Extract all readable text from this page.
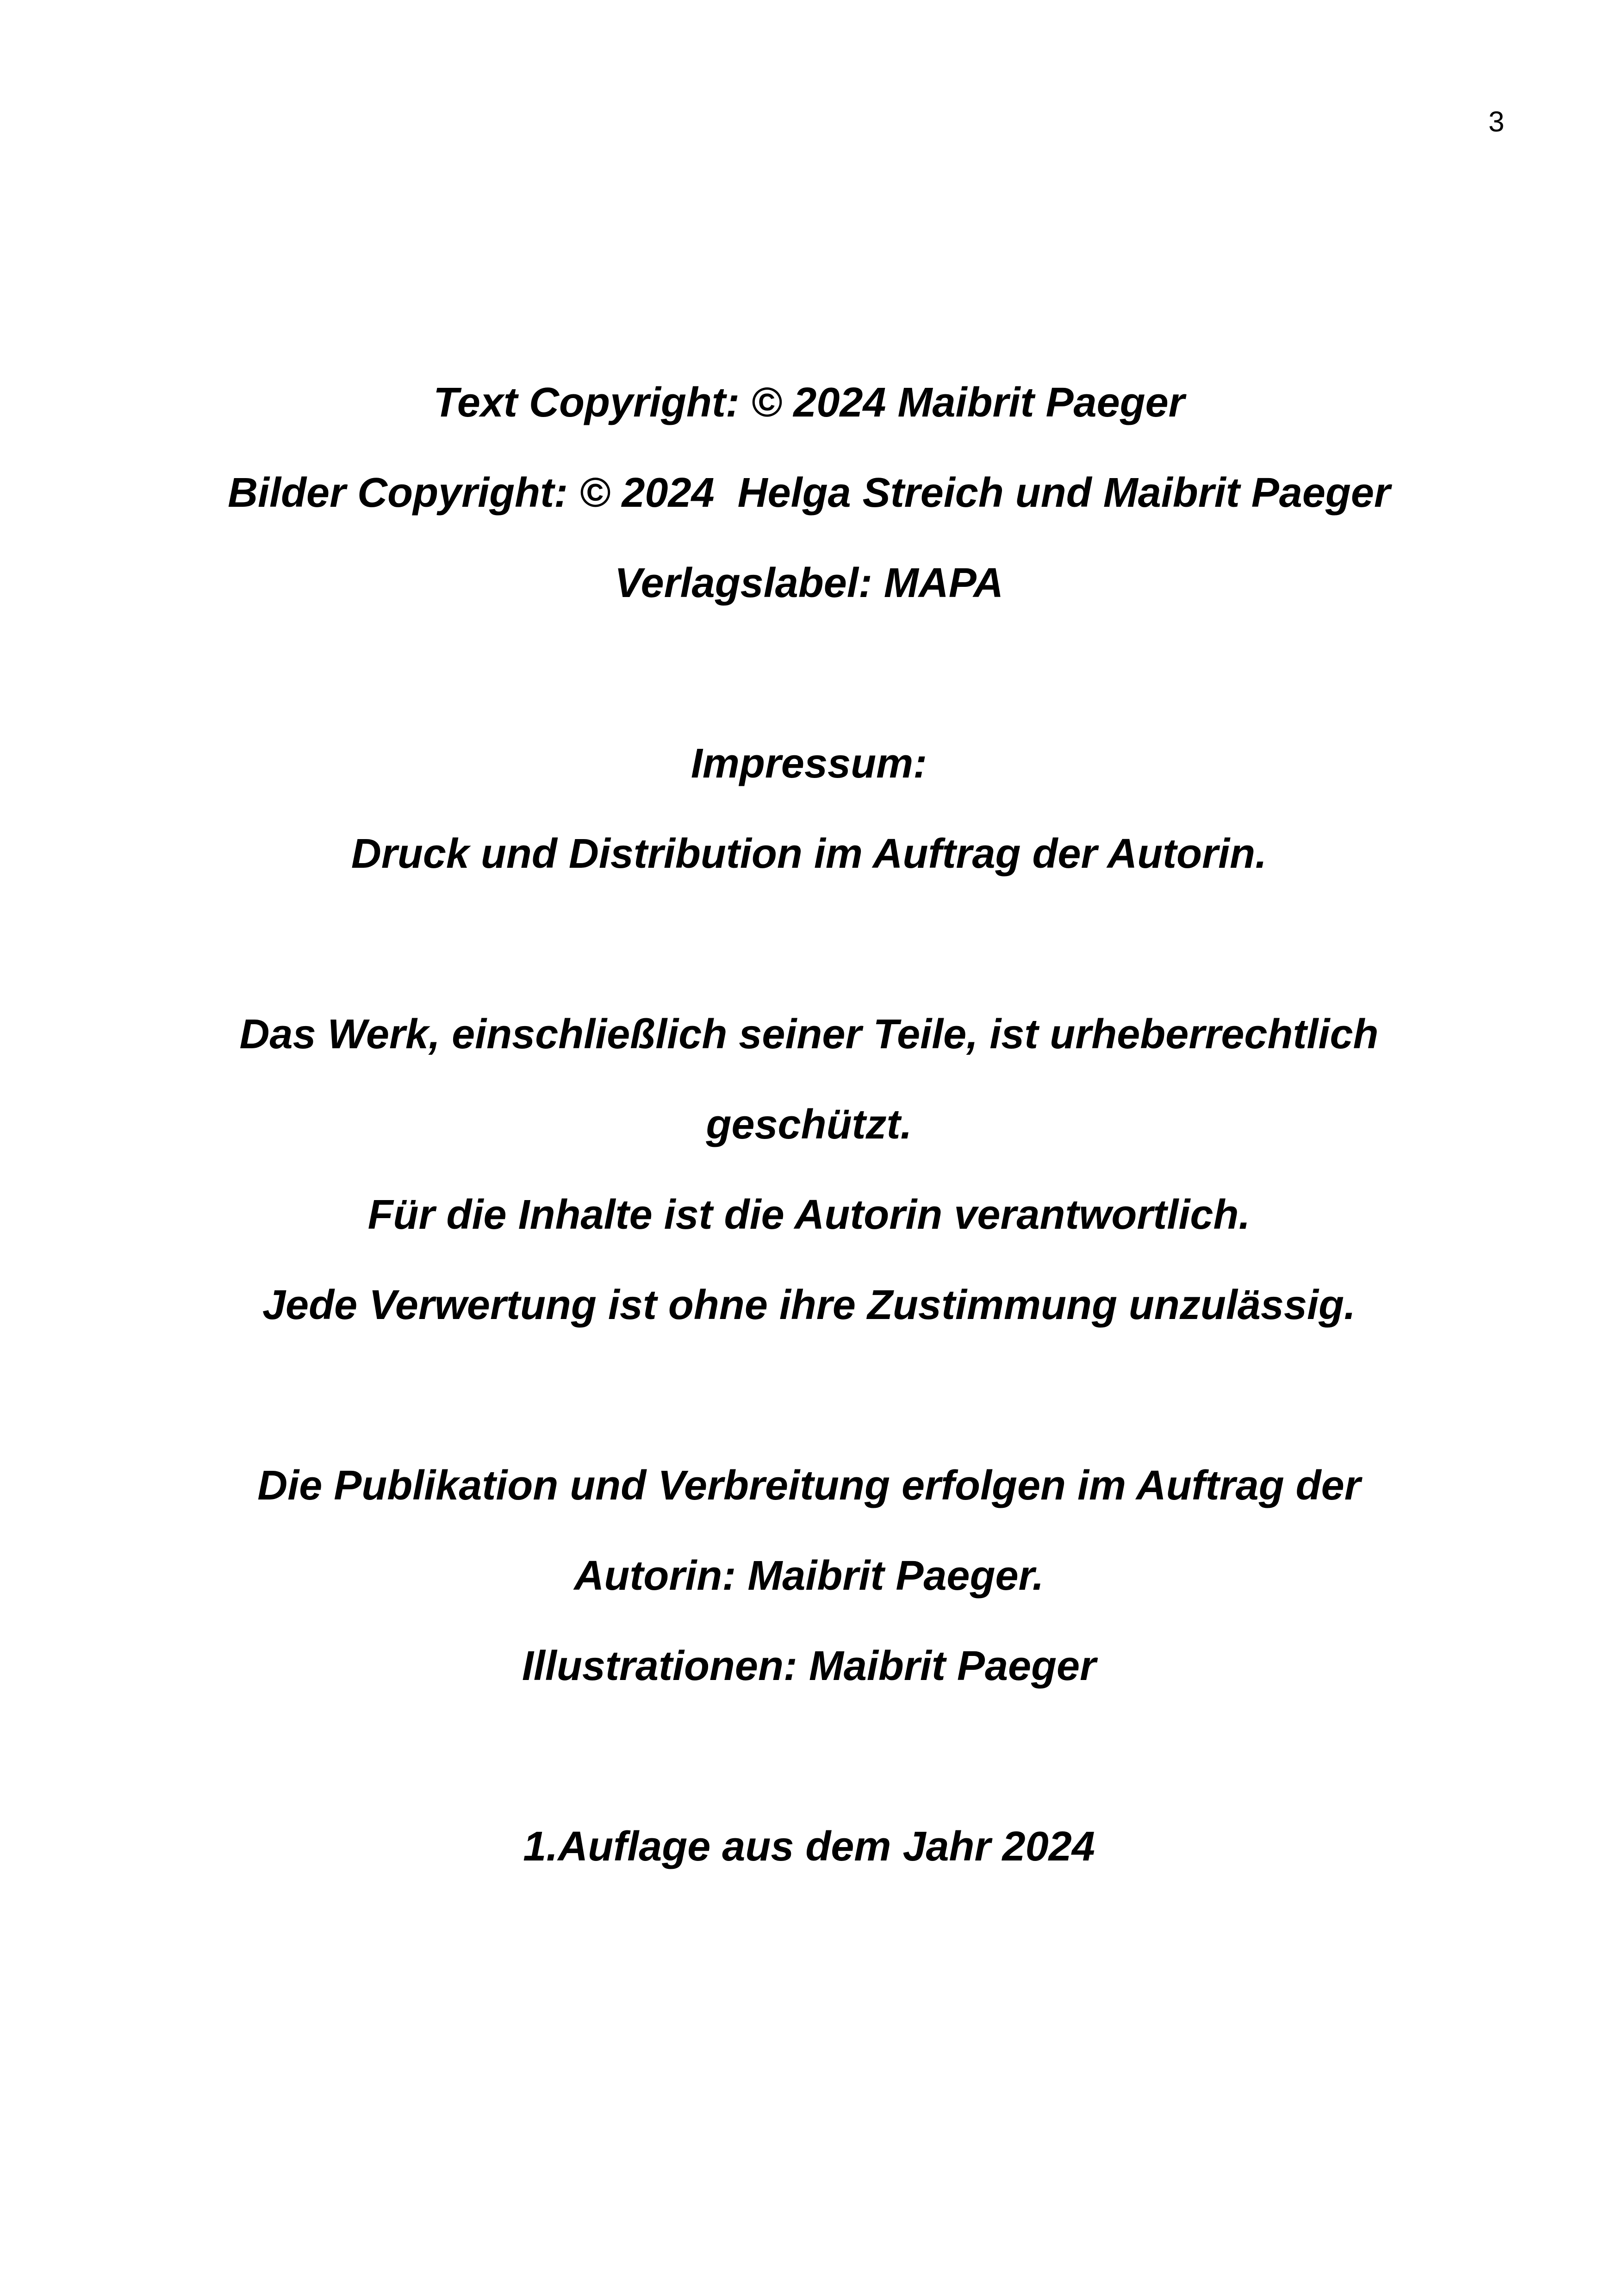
3
Text Copyright: © 2024 Maibrit Paeger
Bilder Copyright: © 2024  Helga Streich und Maibrit Paeger
Verlagslabel: MAPA
Impressum:
Druck und Distribution im Auftrag der Autorin.
Das Werk, einschließlich seiner Teile, ist urheberrechtlich
geschützt.
Für die Inhalte ist die Autorin verantwortlich.
Jede Verwertung ist ohne ihre Zustimmung unzulässig.
Die Publikation und Verbreitung erfolgen im Auftrag der
Autorin: Maibrit Paeger.
Illustrationen: Maibrit Paeger
1.Auflage aus dem Jahr 2024
